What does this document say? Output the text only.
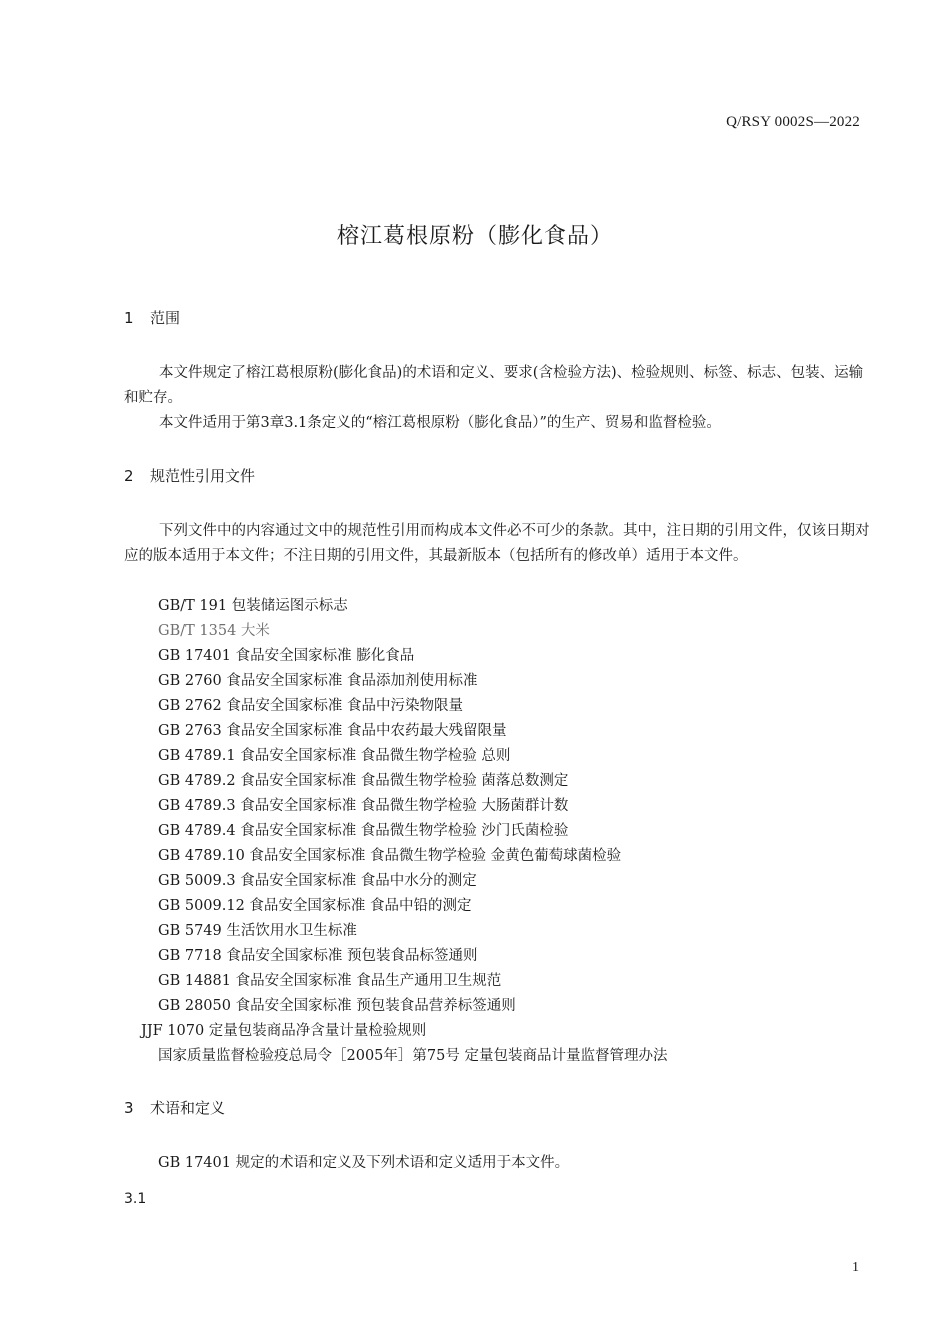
Q/RSY 0002S—2022
榕江葛根原粉（膨化食品）
1 范围

本文件规定了榕江葛根原粉(膨化食品)的术语和定义、要求(含检验方法)、检验规则、标签、标志、包装、运输和贮存。

本文件适用于第3章3.1条定义的“榕江葛根原粉（膨化食品）”的生产、贸易和监督检验。

2 规范性引用文件

下列文件中的内容通过文中的规范性引用而构成本文件必不可少的条款。其中，注日期的引用文件，仅该日期对应的版本适用于本文件；不注日期的引用文件，其最新版本（包括所有的修改单）适用于本文件。

GB/T 191 包装储运图示标志
GB/T 1354 大米
GB 17401 食品安全国家标准 膨化食品
GB 2760 食品安全国家标准 食品添加剂使用标准
GB 2762 食品安全国家标准 食品中污染物限量
GB 2763 食品安全国家标准 食品中农药最大残留限量
GB 4789.1 食品安全国家标准 食品微生物学检验 总则
GB 4789.2 食品安全国家标准 食品微生物学检验 菌落总数测定
GB 4789.3 食品安全国家标准 食品微生物学检验 大肠菌群计数
GB 4789.4 食品安全国家标准 食品微生物学检验 沙门氏菌检验
GB 4789.10 食品安全国家标准 食品微生物学检验 金黄色葡萄球菌检验
GB 5009.3 食品安全国家标准 食品中水分的测定
GB 5009.12 食品安全国家标准 食品中铅的测定
GB 5749 生活饮用水卫生标准
GB 7718 食品安全国家标准 预包装食品标签通则
GB 14881 食品安全国家标准 食品生产通用卫生规范
GB 28050 食品安全国家标准 预包装食品营养标签通则
JJF 1070 定量包装商品净含量计量检验规则
国家质量监督检验疫总局令［2005年］第75号 定量包装商品计量监督管理办法
3 术语和定义
GB 17401 规定的术语和定义及下列术语和定义适用于本文件。
3.1
1
